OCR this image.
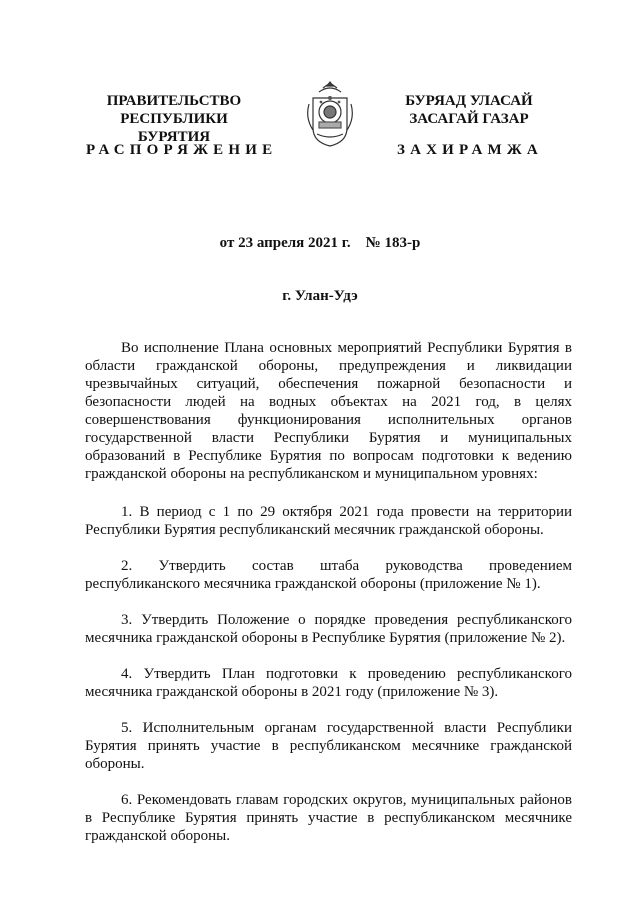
ПРАВИТЕЛЬСТВО
РЕСПУБЛИКИ БУРЯТИЯ
БУРЯАД УЛАСАЙ
ЗАСАГАЙ ГАЗАР
РАСПОРЯЖЕНИЕ	ЗАХИРАМЖА
от 23 апреля 2021 г.    № 183-р
г. Улан-Удэ

Во исполнение Плана основных мероприятий Республики Бурятия в области гражданской обороны, предупреждения и ликвидации чрезвычайных ситуаций, обеспечения пожарной безопасности и безопасности людей на водных объектах на 2021 год, в целях совершенствования функционирования исполнительных органов государственной власти Республики Бурятия и муниципальных образований в Республике Бурятия по вопросам подготовки к ведению гражданской обороны на республиканском и муниципальном уровнях:

1. В период с 1 по 29 октября 2021 года провести на территории Республики Бурятия республиканский месячник гражданской обороны.

2. Утвердить состав штаба руководства проведением республиканского месячника гражданской обороны (приложение № 1).

3. Утвердить Положение о порядке проведения республиканского месячника гражданской обороны в Республике Бурятия (приложение № 2).

4. Утвердить План подготовки к проведению республиканского месячника гражданской обороны в 2021 году (приложение № 3).

5. Исполнительным органам государственной власти Республики Бурятия принять участие в республиканском месячнике гражданской обороны.

6. Рекомендовать главам городских округов, муниципальных районов в Республике Бурятия принять участие в республиканском месячнике гражданской обороны.
